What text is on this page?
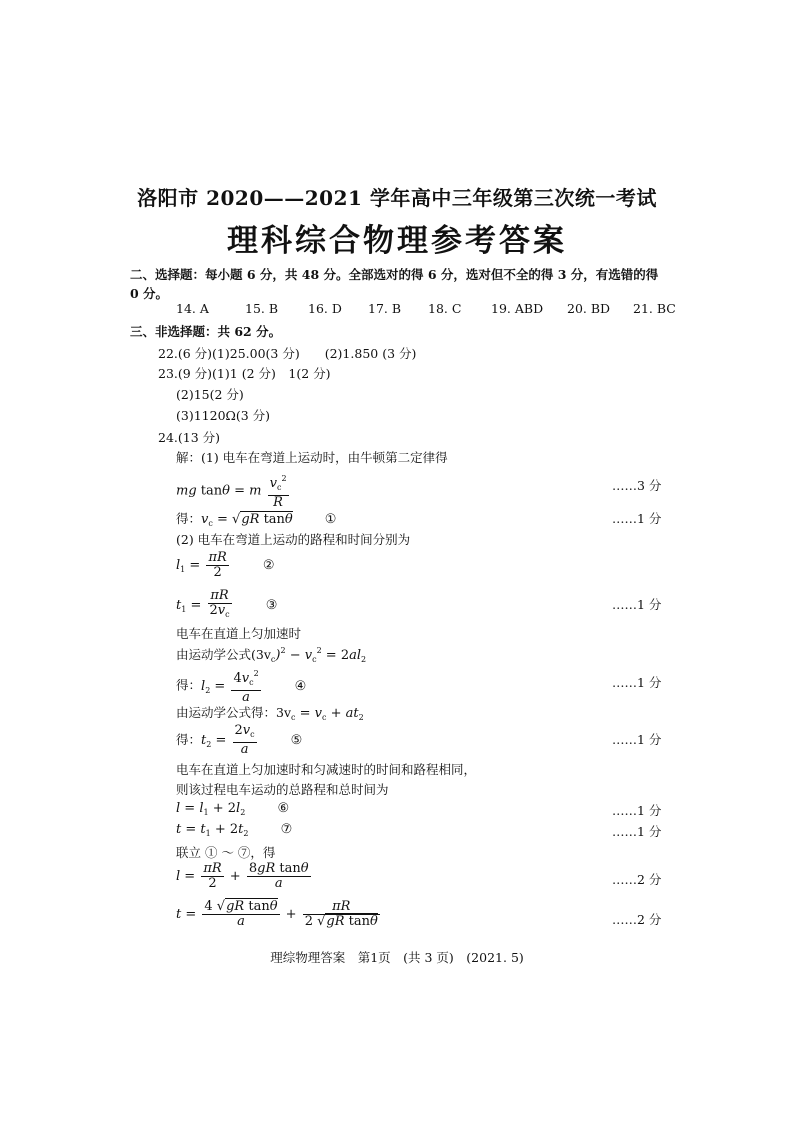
洛阳市 2020——2021 学年高中三年级第三次统一考试
理科综合物理参考答案
二、选择题：每小题 6 分，共 48 分。全部选对的得 6 分，选对但不全的得 3 分，有选错的得
0 分。
14. A	15. B 16. D 17. B 18. C 19. ABD 20. BD 21. BC
三、非选择题：共 62 分。
22.(6 分)(1)25.00(3 分)　　(2)1.850 (3 分)
23.(9 分)(1)1 (2 分)　1(2 分)
(2)15(2 分)
(3)1120Ω(3 分)
24.(13 分)
解：(1) 电车在弯道上运动时，由牛顿第二定律得
mg tanθ = m $\frac{v_c^2}{R}$	……3 分
得：$v_c = √gR$ tanθ ①	……1 分
(2) 电车在弯道上运动的路程和时间分别为
$l_1 = \frac{\pi R}{2}$	②
$t_1 = \frac{\pi R}{2v_c}$	③	……1 分
电车在直道上匀加速时
由运动学公式$(3v_c)^2 - v_c^2 = 2al_2$
得：$l_2 = \frac{4v_c^2}{a}$	④	……1 分
由运动学公式得：$3v_c = v_c + at_2$
得：$t_2 = \frac{2v_c}{a}$	⑤	……1 分
电车在直道上匀加速时和匀减速时的时间和路程相同，
则该过程电车运动的总路程和总时间为
$l = l_1 + 2l_2$ ⑥	……1 分
$t = t_1 + 2t_2$ ⑦	……1 分
联立 ① ～ ⑦，得
$l = \frac{\pi R}{2} + \frac{\text{8gR tanθ}}{a}$	……2 分
$t = \frac{\text{4 √gR tanθ}}{a} + \frac{\pi R}{\text{2 √gR tanθ}}$	……2 分
理综物理答案　第1页　(共 3 页)　(2021. 5)
